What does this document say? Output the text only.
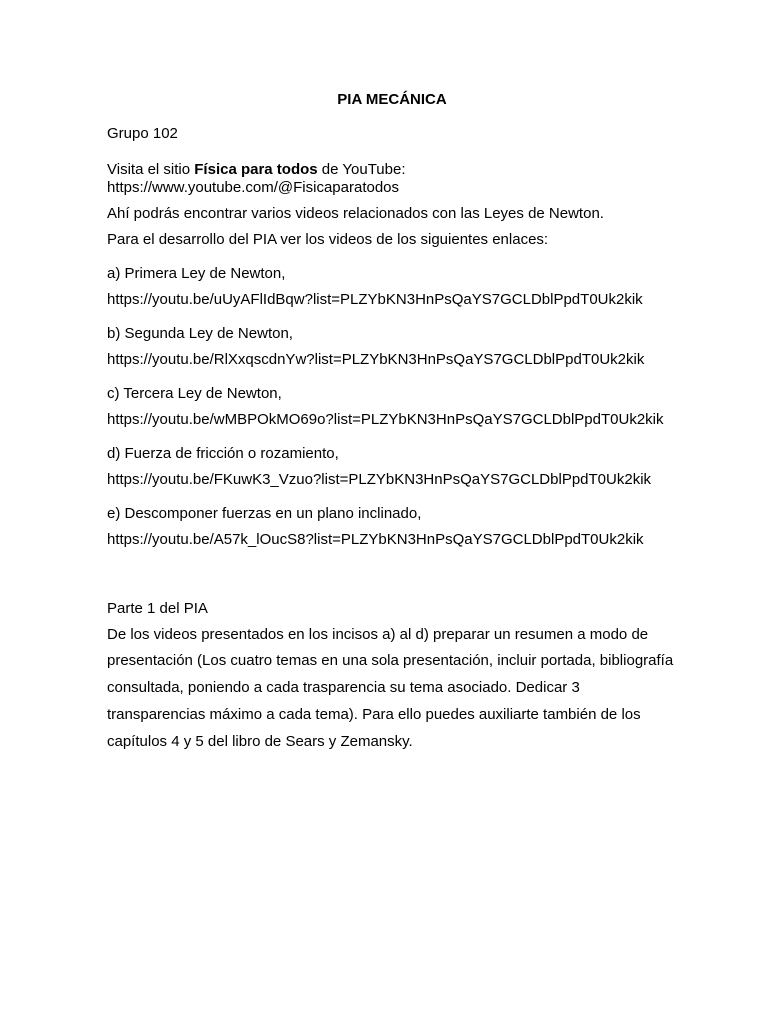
PIA MECÁNICA
Grupo 102
Visita el sitio Física para todos de YouTube:
https://www.youtube.com/@Fisicaparatodos
Ahí podrás encontrar varios videos relacionados con las Leyes de Newton.
Para el desarrollo del PIA ver los videos de los siguientes enlaces:
a) Primera Ley de Newton,
https://youtu.be/uUyAFlIdBqw?list=PLZYbKN3HnPsQaYS7GCLDblPpdT0Uk2kik
b) Segunda Ley de Newton,
https://youtu.be/RlXxqscdnYw?list=PLZYbKN3HnPsQaYS7GCLDblPpdT0Uk2kik
c) Tercera Ley de Newton,
https://youtu.be/wMBPOkMO69o?list=PLZYbKN3HnPsQaYS7GCLDblPpdT0Uk2kik
d) Fuerza de fricción o rozamiento,
https://youtu.be/FKuwK3_Vzuo?list=PLZYbKN3HnPsQaYS7GCLDblPpdT0Uk2kik
e) Descomponer fuerzas en un plano inclinado,
https://youtu.be/A57k_lOucS8?list=PLZYbKN3HnPsQaYS7GCLDblPpdT0Uk2kik
Parte 1 del PIA
De los videos presentados en los incisos a) al d) preparar un resumen a modo de
presentación (Los cuatro temas en una sola presentación, incluir portada, bibliografía
consultada, poniendo a cada trasparencia su tema asociado. Dedicar 3
transparencias máximo a cada tema). Para ello puedes auxiliarte también de los
capítulos 4 y 5 del libro de Sears y Zemansky.
